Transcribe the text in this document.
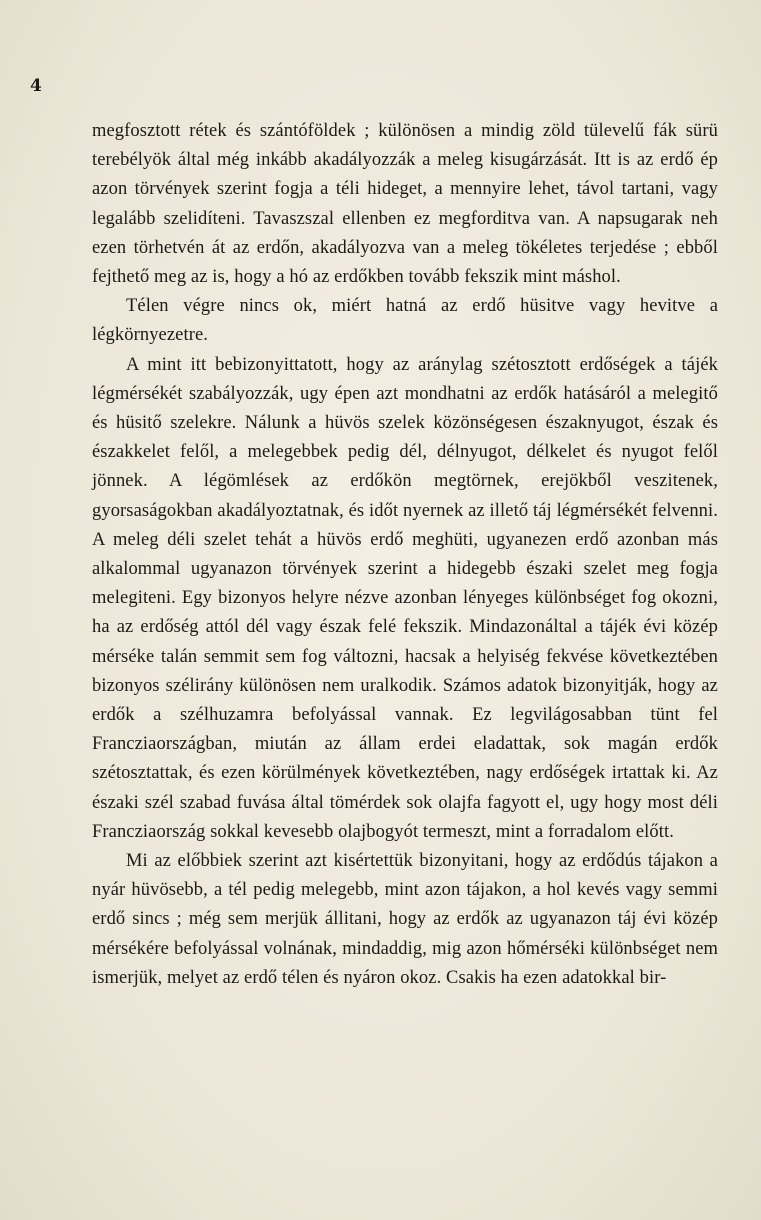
4

megfosztott rétek és szántóföldek ; különösen a mindig zöld tülevelű fák sürü terebélyök által még inkább akadályozzák a meleg kisugárzását. Itt is az erdő ép azon törvények szerint fogja a téli hideget, a mennyire lehet, távol tartani, vagy legalább szelidíteni. Tavaszszal ellenben ez megforditva van. A napsugarak neh ezen törhetvén át az erdőn, akadályozva van a meleg tökéletes terjedése ; ebből fejthető meg az is, hogy a hó az erdőkben tovább fekszik mint máshol.

Télen végre nincs ok, miért hatná az erdő hüsitve vagy hevitve a légkörnyezetre.

A mint itt bebizonyittatott, hogy az aránylag szétosztott erdőségek a tájék légmérsékét szabályozzák, ugy épen azt mondhatni az erdők hatásáról a melegitő és hüsitő szelekre. Nálunk a hüvös szelek közönségesen északnyugot, észak és északkelet felől, a melegebbek pedig dél, délnyugot, délkelet és nyugot felől jönnek. A légömlések az erdőkön megtörnek, erejökből veszitenek, gyorsaságokban akadályoztatnak, és időt nyernek az illető táj légmérsékét felvenni. A meleg déli szelet tehát a hüvös erdő meghüti, ugyanezen erdő azonban más alkalommal ugyanazon törvények szerint a hidegebb északi szelet meg fogja melegiteni. Egy bizonyos helyre nézve azonban lényeges különbséget fog okozni, ha az erdőség attól dél vagy észak felé fekszik. Mindazonáltal a tájék évi közép mérséke talán semmit sem fog változni, hacsak a helyiség fekvése következtében bizonyos szélirány különösen nem uralkodik. Számos adatok bizonyitják, hogy az erdők a szélhuzamra befolyással vannak. Ez legvilágosabban tünt fel Francziaországban, miután az állam erdei eladattak, sok magán erdők szétosztattak, és ezen körülmények következtében, nagy erdőségek irtattak ki. Az északi szél szabad fuvása által tömérdek sok olajfa fagyott el, ugy hogy most déli Francziaország sokkal kevesebb olajbogyót termeszt, mint a forradalom előtt.

Mi az előbbiek szerint azt kisértettük bizonyitani, hogy az erdődús tájakon a nyár hüvösebb, a tél pedig melegebb, mint azon tájakon, a hol kevés vagy semmi erdő sincs ; még sem merjük állitani, hogy az erdők az ugyanazon táj évi közép mérsékére befolyással volnának, mindaddig, mig azon hőmérséki különbséget nem ismerjük, melyet az erdő télen és nyáron okoz. Csakis ha ezen adatokkal bir-
